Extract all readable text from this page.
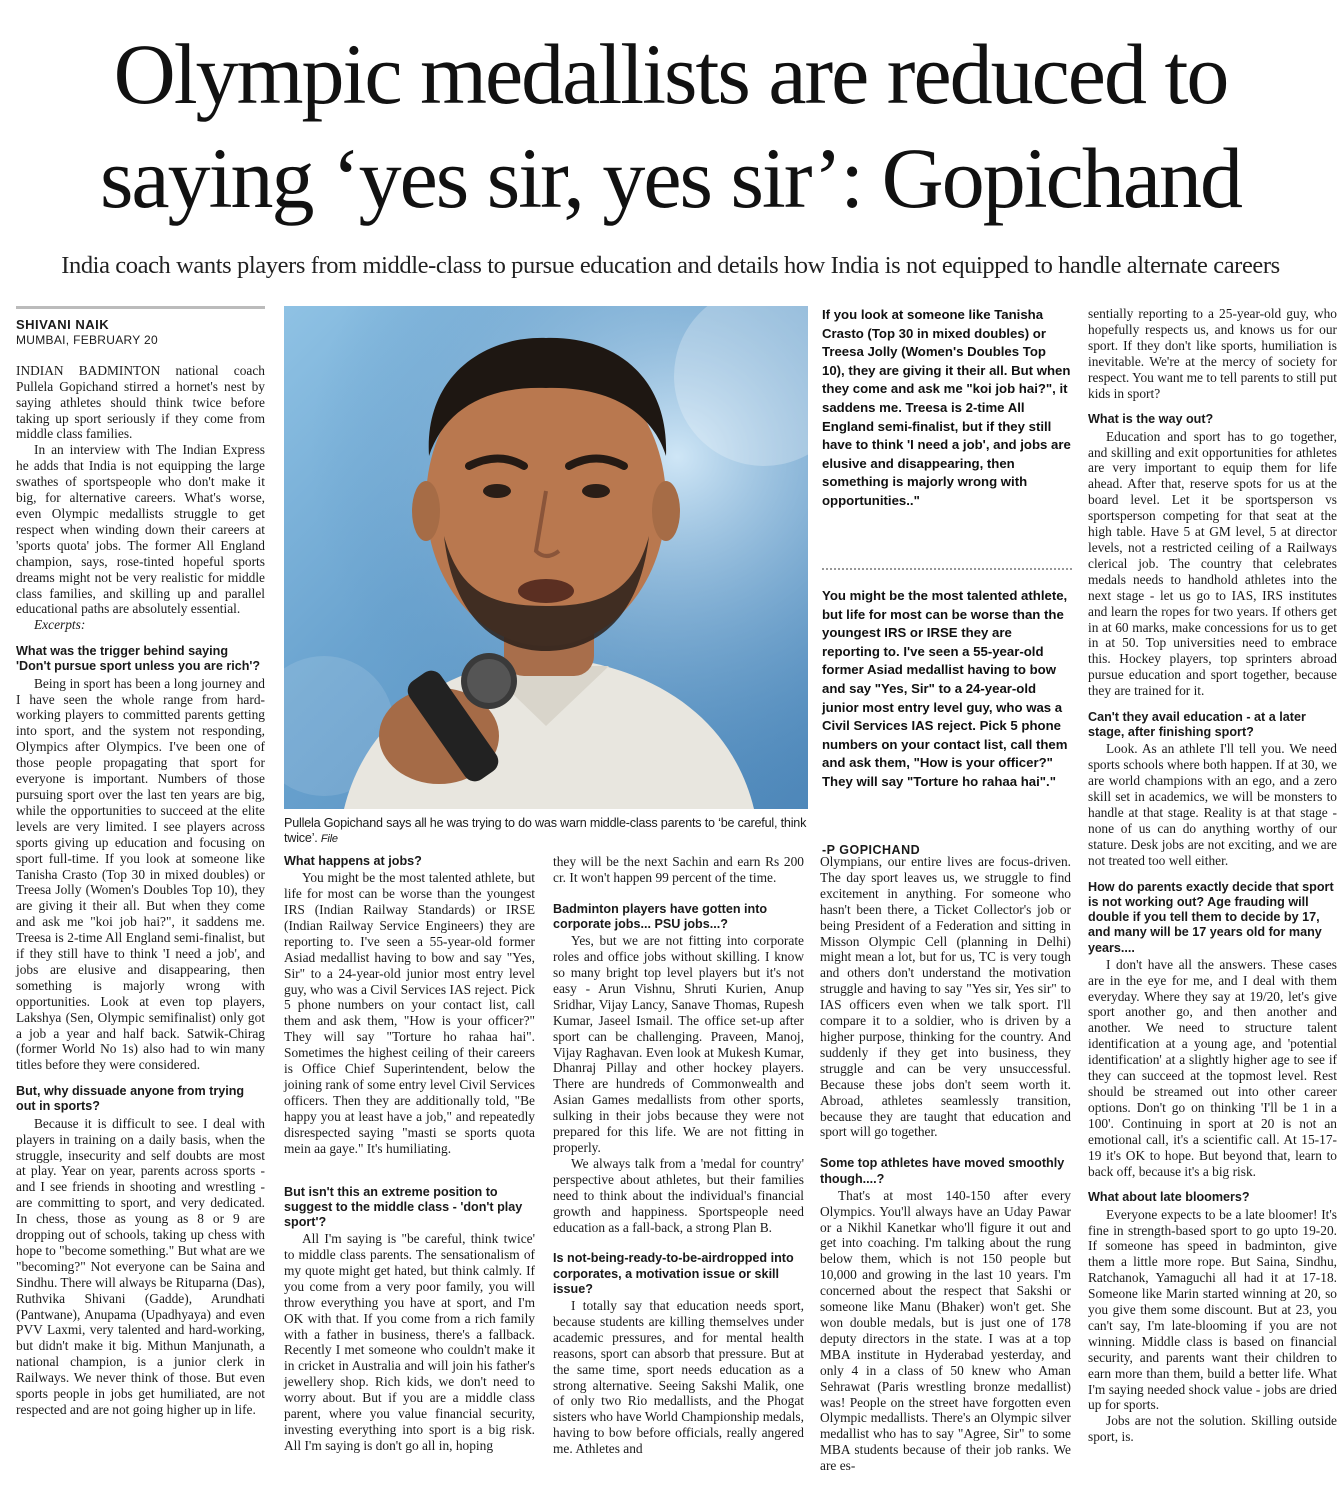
Olympic medallists are reduced to
saying ‘yes sir, yes sir’: Gopichand
India coach wants players from middle-class to pursue education and details how India is not equipped to handle alternate careers
SHIVANI NAIK
MUMBAI, FEBRUARY 20

INDIAN BADMINTON national coach Pullela Gopichand stirred a hornet's nest by saying athletes should think twice before taking up sport seriously if they come from middle class families.

In an interview with The Indian Express he adds that India is not equipping the large swathes of sportspeople who don't make it big, for alternative careers. What's worse, even Olympic medallists struggle to get respect when winding down their careers at 'sports quota' jobs. The former All England champion, says, rose-tinted hopeful sports dreams might not be very realistic for middle class families, and skilling up and parallel educational paths are absolutely essential.

Excerpts:

What was the trigger behind saying 'Don't pursue sport unless you are rich'?

Being in sport has been a long journey and I have seen the whole range from hard-working players to committed parents getting into sport, and the system not responding, Olympics after Olympics. I've been one of those people propagating that sport for everyone is important. Numbers of those pursuing sport over the last ten years are big, while the opportunities to succeed at the elite levels are very limited. I see players across sports giving up education and focusing on sport full-time. If you look at someone like Tanisha Crasto (Top 30 in mixed doubles) or Treesa Jolly (Women's Doubles Top 10), they are giving it their all. But when they come and ask me "koi job hai?", it saddens me. Treesa is 2-time All England semi-finalist, but if they still have to think 'I need a job', and jobs are elusive and disappearing, then something is majorly wrong with opportunities. Look at even top players, Lakshya (Sen, Olympic semifinalist) only got a job a year and half back. Satwik-Chirag (former World No 1s) also had to win many titles before they were considered.

But, why dissuade anyone from trying out in sports?

Because it is difficult to see. I deal with players in training on a daily basis, when the struggle, insecurity and self doubts are most at play. Year on year, parents across sports - and I see friends in shooting and wrestling - are committing to sport, and very dedicated. In chess, those as young as 8 or 9 are dropping out of schools, taking up chess with hope to "become something." But what are we "becoming?" Not everyone can be Saina and Sindhu. There will always be Rituparna (Das), Ruthvika Shivani (Gadde), Arundhati (Pantwane), Anupama (Upadhyaya) and even PVV Laxmi, very talented and hard-working, but didn't make it big. Mithun Manjunath, a national champion, is a junior clerk in Railways. We never think of those. But even sports people in jobs get humiliated, are not respected and are not going higher up in life.

Pullela Gopichand says all he was trying to do was warn middle-class parents to ‘be careful, think twice’. File
What happens at jobs?

You might be the most talented athlete, but life for most can be worse than the youngest IRS (Indian Railway Standards) or IRSE (Indian Railway Service Engineers) they are reporting to. I've seen a 55-year-old former Asiad medallist having to bow and say "Yes, Sir" to a 24-year-old junior most entry level guy, who was a Civil Services IAS reject. Pick 5 phone numbers on your contact list, call them and ask them, "How is your officer?" They will say "Torture ho rahaa hai". Sometimes the highest ceiling of their careers is Office Chief Superintendent, below the joining rank of some entry level Civil Services officers. Then they are additionally told, "Be happy you at least have a job," and repeatedly disrespected saying "masti se sports quota mein aa gaye." It's humiliating.

But isn't this an extreme position to suggest to the middle class - 'don't play sport'?

All I'm saying is "be careful, think twice' to middle class parents. The sensationalism of my quote might get hated, but think calmly. If you come from a very poor family, you will throw everything you have at sport, and I'm OK with that. If you come from a rich family with a father in business, there's a fallback. Recently I met someone who couldn't make it in cricket in Australia and will join his father's jewellery shop. Rich kids, we don't need to worry about. But if you are a middle class parent, where you value financial security, investing everything into sport is a big risk. All I'm saying is don't go all in, hoping

they will be the next Sachin and earn Rs 200 cr. It won't happen 99 percent of the time.

Badminton players have gotten into corporate jobs... PSU jobs...?

Yes, but we are not fitting into corporate roles and office jobs without skilling. I know so many bright top level players but it's not easy - Arun Vishnu, Shruti Kurien, Anup Sridhar, Vijay Lancy, Sanave Thomas, Rupesh Kumar, Jaseel Ismail. The office set-up after sport can be challenging. Praveen, Manoj, Vijay Raghavan. Even look at Mukesh Kumar, Dhanraj Pillay and other hockey players. There are hundreds of Commonwealth and Asian Games medallists from other sports, sulking in their jobs because they were not prepared for this life. We are not fitting in properly.

We always talk from a 'medal for country' perspective about athletes, but their families need to think about the individual's financial growth and happiness. Sportspeople need education as a fall-back, a strong Plan B.

Is not-being-ready-to-be-airdropped into corporates, a motivation issue or skill issue?

I totally say that education needs sport, because students are killing themselves under academic pressures, and for mental health reasons, sport can absorb that pressure. But at the same time, sport needs education as a strong alternative. Seeing Sakshi Malik, one of only two Rio medallists, and the Phogat sisters who have World Championship medals, having to bow before officials, really angered me. Athletes and

If you look at someone like Tanisha Crasto (Top 30 in mixed doubles) or Treesa Jolly (Women's Doubles Top 10), they are giving it their all. But when they come and ask me "koi job hai?", it saddens me. Treesa is 2-time All England semi-finalist, but if they still have to think 'I need a job', and jobs are elusive and disappearing, then something is majorly wrong with opportunities.."
You might be the most talented athlete, but life for most can be worse than the youngest IRS or IRSE they are reporting to. I've seen a 55-year-old former Asiad medallist having to bow and say "Yes, Sir" to a 24-year-old junior most entry level guy, who was a Civil Services IAS reject. Pick 5 phone numbers on your contact list, call them and ask them, "How is your officer?" They will say "Torture ho rahaa hai"."
-P GOPICHAND

Olympians, our entire lives are focus-driven. The day sport leaves us, we struggle to find excitement in anything. For someone who hasn't been there, a Ticket Collector's job or being President of a Federation and sitting in Misson Olympic Cell (planning in Delhi) might mean a lot, but for us, TC is very tough and others don't understand the motivation struggle and having to say "Yes sir, Yes sir" to IAS officers even when we talk sport. I'll compare it to a soldier, who is driven by a higher purpose, thinking for the country. And suddenly if they get into business, they struggle and can be very unsuccessful. Because these jobs don't seem worth it. Abroad, athletes seamlessly transition, because they are taught that education and sport will go together.

Some top athletes have moved smoothly though....?

That's at most 140-150 after every Olympics. You'll always have an Uday Pawar or a Nikhil Kanetkar who'll figure it out and get into coaching. I'm talking about the rung below them, which is not 150 people but 10,000 and growing in the last 10 years. I'm concerned about the respect that Sakshi or someone like Manu (Bhaker) won't get. She won double medals, but is just one of 178 deputy directors in the state. I was at a top MBA institute in Hyderabad yesterday, and only 4 in a class of 50 knew who Aman Sehrawat (Paris wrestling bronze medallist) was! People on the street have forgotten even Olympic medallists. There's an Olympic silver medallist who has to say "Agree, Sir" to some MBA students because of their job ranks. We are es-

sentially reporting to a 25-year-old guy, who hopefully respects us, and knows us for our sport. If they don't like sports, humiliation is inevitable. We're at the mercy of society for respect. You want me to tell parents to still put kids in sport?

What is the way out?

Education and sport has to go together, and skilling and exit opportunities for athletes are very important to equip them for life ahead. After that, reserve spots for us at the board level. Let it be sportsperson vs sportsperson competing for that seat at the high table. Have 5 at GM level, 5 at director levels, not a restricted ceiling of a Railways clerical job. The country that celebrates medals needs to handhold athletes into the next stage - let us go to IAS, IRS institutes and learn the ropes for two years. If others get in at 60 marks, make concessions for us to get in at 50. Top universities need to embrace this. Hockey players, top sprinters abroad pursue education and sport together, because they are trained for it.

Can't they avail education - at a later stage, after finishing sport?

Look. As an athlete I'll tell you. We need sports schools where both happen. If at 30, we are world champions with an ego, and a zero skill set in academics, we will be monsters to handle at that stage. Reality is at that stage - none of us can do anything worthy of our stature. Desk jobs are not exciting, and we are not treated too well either.

How do parents exactly decide that sport is not working out? Age frauding will double if you tell them to decide by 17, and many will be 17 years old for many years....

I don't have all the answers. These cases are in the eye for me, and I deal with them everyday. Where they say at 19/20, let's give sport another go, and then another and another. We need to structure talent identification at a young age, and 'potential identification' at a slightly higher age to see if they can succeed at the topmost level. Rest should be streamed out into other career options. Don't go on thinking 'I'll be 1 in a 100'. Continuing in sport at 20 is not an emotional call, it's a scientific call. At 15-17-19 it's OK to hope. But beyond that, learn to back off, because it's a big risk.

What about late bloomers?

Everyone expects to be a late bloomer! It's fine in strength-based sport to go upto 19-20. If someone has speed in badminton, give them a little more rope. But Saina, Sindhu, Ratchanok, Yamaguchi all had it at 17-18. Someone like Marin started winning at 20, so you give them some discount. But at 23, you can't say, I'm late-blooming if you are not winning. Middle class is based on financial security, and parents want their children to earn more than them, build a better life. What I'm saying needed shock value - jobs are dried up for sports.

Jobs are not the solution. Skilling outside sport, is.
